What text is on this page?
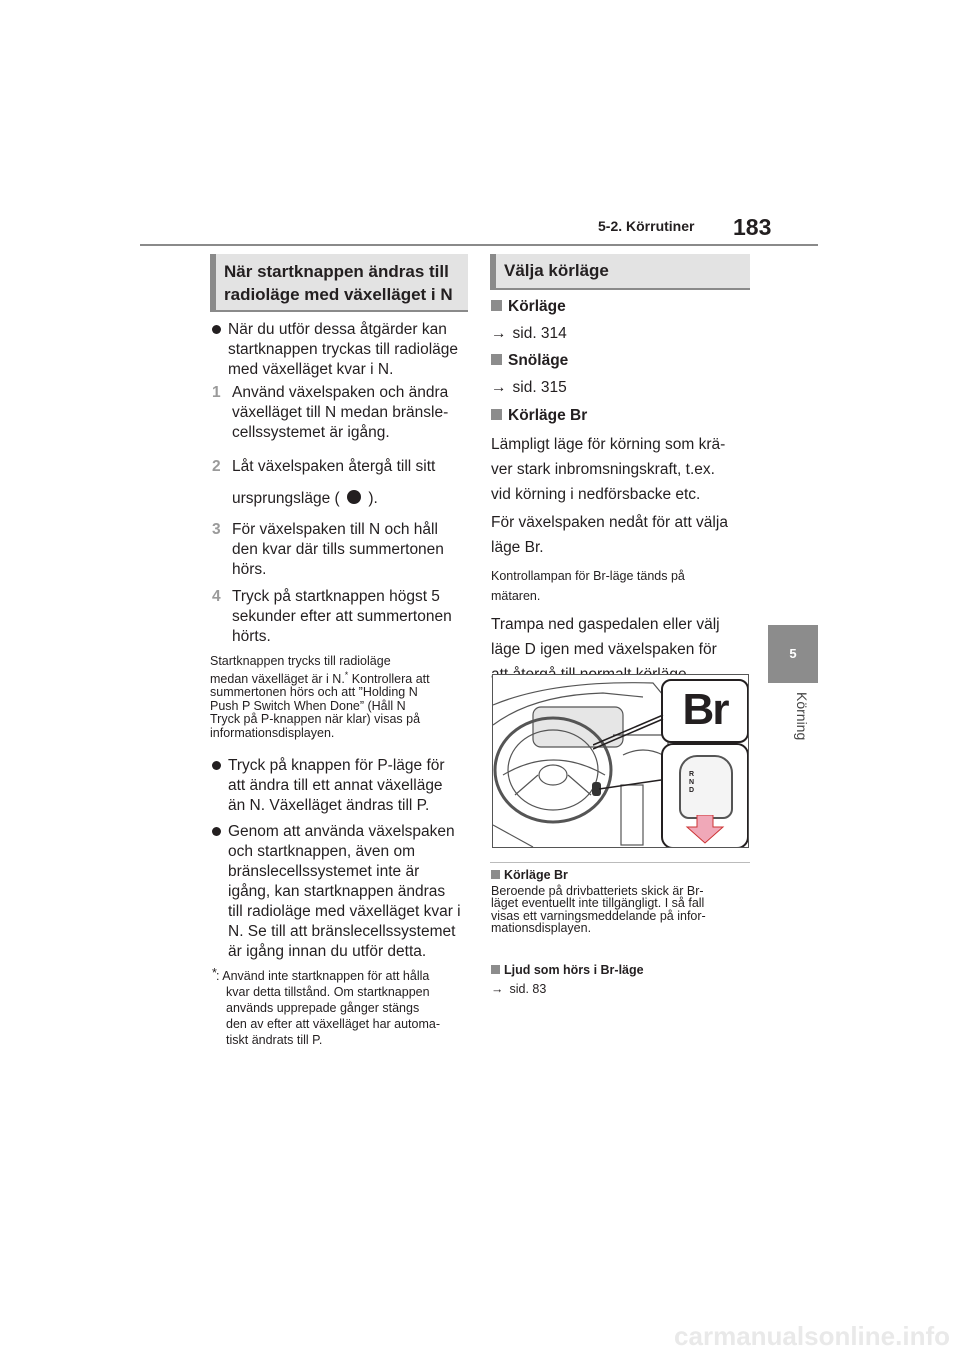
5-2. Körrutiner 183
5
Körning
När startknappen ändras till
radioläge med växelläget i N
När du utför dessa åtgärder kan
startknappen tryckas till radioläge
med växelläget kvar i N.
1 Använd växelspaken och ändra
växelläget till N medan bränsle-
cellssystemet är igång.
2 Låt växelspaken återgå till sitt
ursprungsläge ( ).
3 För växelspaken till N och håll
den kvar där tills summertonen
hörs.
4 Tryck på startknappen högst 5
sekunder efter att summertonen
hörts.
Startknappen trycks till radioläge
medan växelläget är i N.* Kontrollera att
summertonen hörs och att ”Holding N
Push P Switch When Done” (Håll N
Tryck på P-knappen när klar) visas på
informationsdisplayen.
Tryck på knappen för P-läge för
att ändra till ett annat växelläge
än N. Växelläget ändras till P.
Genom att använda växelspaken
och startknappen, även om
bränslecellssystemet inte är
igång, kan startknappen ändras
till radioläge med växelläget kvar i
N. Se till att bränslecellssystemet
är igång innan du utför detta.
* : Använd inte startknappen för att hålla
kvar detta tillstånd. Om startknappen
används upprepade gånger stängs
den av efter att växelläget har automa-
tiskt ändrats till P.
Välja körläge
Körläge
→ sid. 314
Snöläge
→ sid. 315
Körläge Br
Lämpligt läge för körning som krä-
ver stark inbromsningskraft, t.ex.
vid körning i nedförsbacke etc.
För växelspaken nedåt för att välja
läge Br.
Kontrollampan för Br-läge tänds på
mätaren.
Trampa ned gaspedalen eller välj
läge D igen med växelspaken för
Br
R
N
D
Körläge Br
Beroende på drivbatteriets skick är Br-
läget eventuellt inte tillgängligt. I så fall
visas ett varningsmeddelande på infor-
mationsdisplayen.
Ljud som hörs i Br-läge
→ sid. 83
carmanualsonline.info
